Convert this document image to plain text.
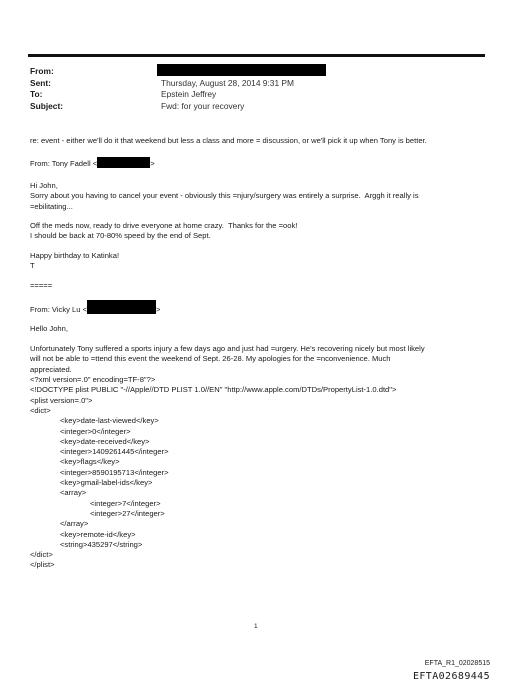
From:
Sent:	Thursday, August 28, 2014 9:31 PM
To:	Epstein Jeffrey
Subject:	Fwd: for your recovery

re: event - either we'll do it that weekend but less a class and more = discussion, or we'll pick it up when Tony is better.

From: Tony Fadell <	>

Hi John,

Sorry about you having to cancel your event - obviously this =njury/surgery was entirely a surprise.  Arggh it really is

=ebilitating...

Off the meds now, ready to drive everyone at home crazy.  Thanks for the =ook!

I should be back at 70-80% speed by the end of Sept.

Happy birthday to Katinka!

T

=====

From: Vicky Lu <	>

Hello John,

Unfortunately Tony suffered a sports injury a few days ago and just had =urgery. He's recovering nicely but most likely

will not be able to =ttend this event the weekend of Sept. 26-28. My apologies for the =nconvenience. Much

appreciated.

<?xml version=.0" encoding=TF-8"?>

<!DOCTYPE plist PUBLIC "-//Apple//DTD PLIST 1.0//EN" "http://www.apple.com/DTDs/PropertyList-1.0.dtd">

<plist version=.0">

<dict>

<key>date-last-viewed</key>

<integer>0</integer>

<key>date-received</key>

<integer>1409261445</integer>

<key>flags</key>

<integer>8590195713</integer>

<key>gmail-label-ids</key>

<array>

<integer>7</integer>

<integer>27</integer>

</array>

<key>remote-id</key>

<string>435297</string>

</dict>

</plist>

1
EFTA_R1_02028515
EFTA02689445
